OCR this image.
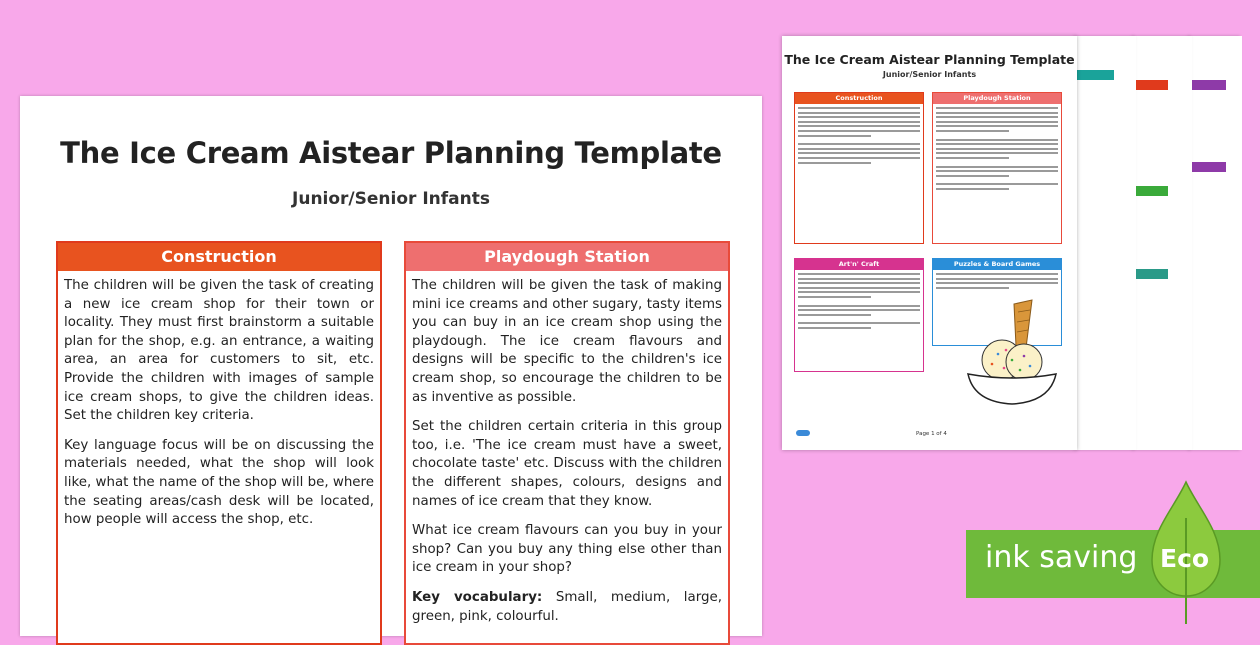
The Ice Cream Aistear Planning Template
Junior/Senior Infants
Construction

The children will be given the task of creating a new ice cream shop for their town or locality. They must first brainstorm a suitable plan for the shop, e.g. an entrance, a waiting area, an area for customers to sit, etc. Provide the children with images of sample ice cream shops, to give the children ideas. Set the children key criteria.

Key language focus will be on discussing the materials needed, what the shop will look like, what the name of the shop will be, where the seating areas/cash desk will be located, how people will access the shop, etc.

Playdough Station

The children will be given the task of making mini ice creams and other sugary, tasty items you can buy in an ice cream shop using the playdough. The ice cream flavours and designs will be specific to the children's ice cream shop, so encourage the children to be as inventive as possible.

Set the children certain criteria in this group too, i.e. 'The ice cream must have a sweet, chocolate taste' etc. Discuss with the children the different shapes, colours, designs and names of ice cream that they know.

What ice cream flavours can you buy in your shop? Can you buy any thing else other than ice cream in your shop?

Key vocabulary: Small, medium, large, green, pink, colourful.

The Ice Cream Aistear Planning Template
Junior/Senior Infants
Construction	Playdough Station
Art'n' Craft	Puzzles & Board Games
Page 1 of 4
ink saving Eco
